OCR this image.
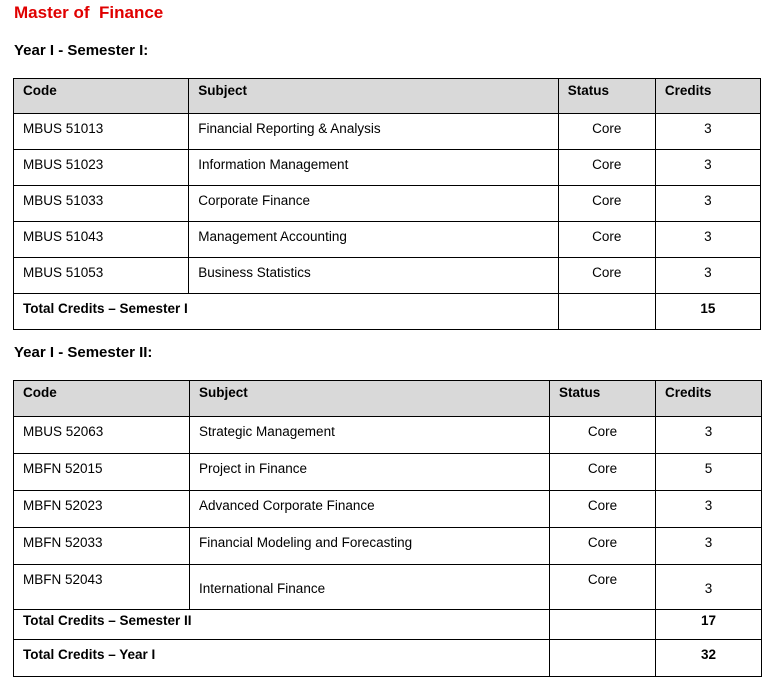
Master of  Finance
Year I - Semester I:
Code	Subject	Status	Credits
MBUS 51013	Financial Reporting & Analysis	Core	3
MBUS 51023	Information Management	Core	3
MBUS 51033	Corporate Finance	Core	3
MBUS 51043	Management Accounting	Core	3
MBUS 51053	Business Statistics	Core	3
Total Credits – Semester I			15
Year I - Semester II:
Code	Subject	Status	Credits
MBUS 52063	Strategic Management	Core	3
MBFN 52015	Project in Finance	Core	5
MBFN 52023	Advanced Corporate Finance	Core	3
MBFN 52033	Financial Modeling and Forecasting	Core	3
MBFN 52043	International Finance	Core	3
Total Credits – Semester II			17
Total Credits – Year I			32
